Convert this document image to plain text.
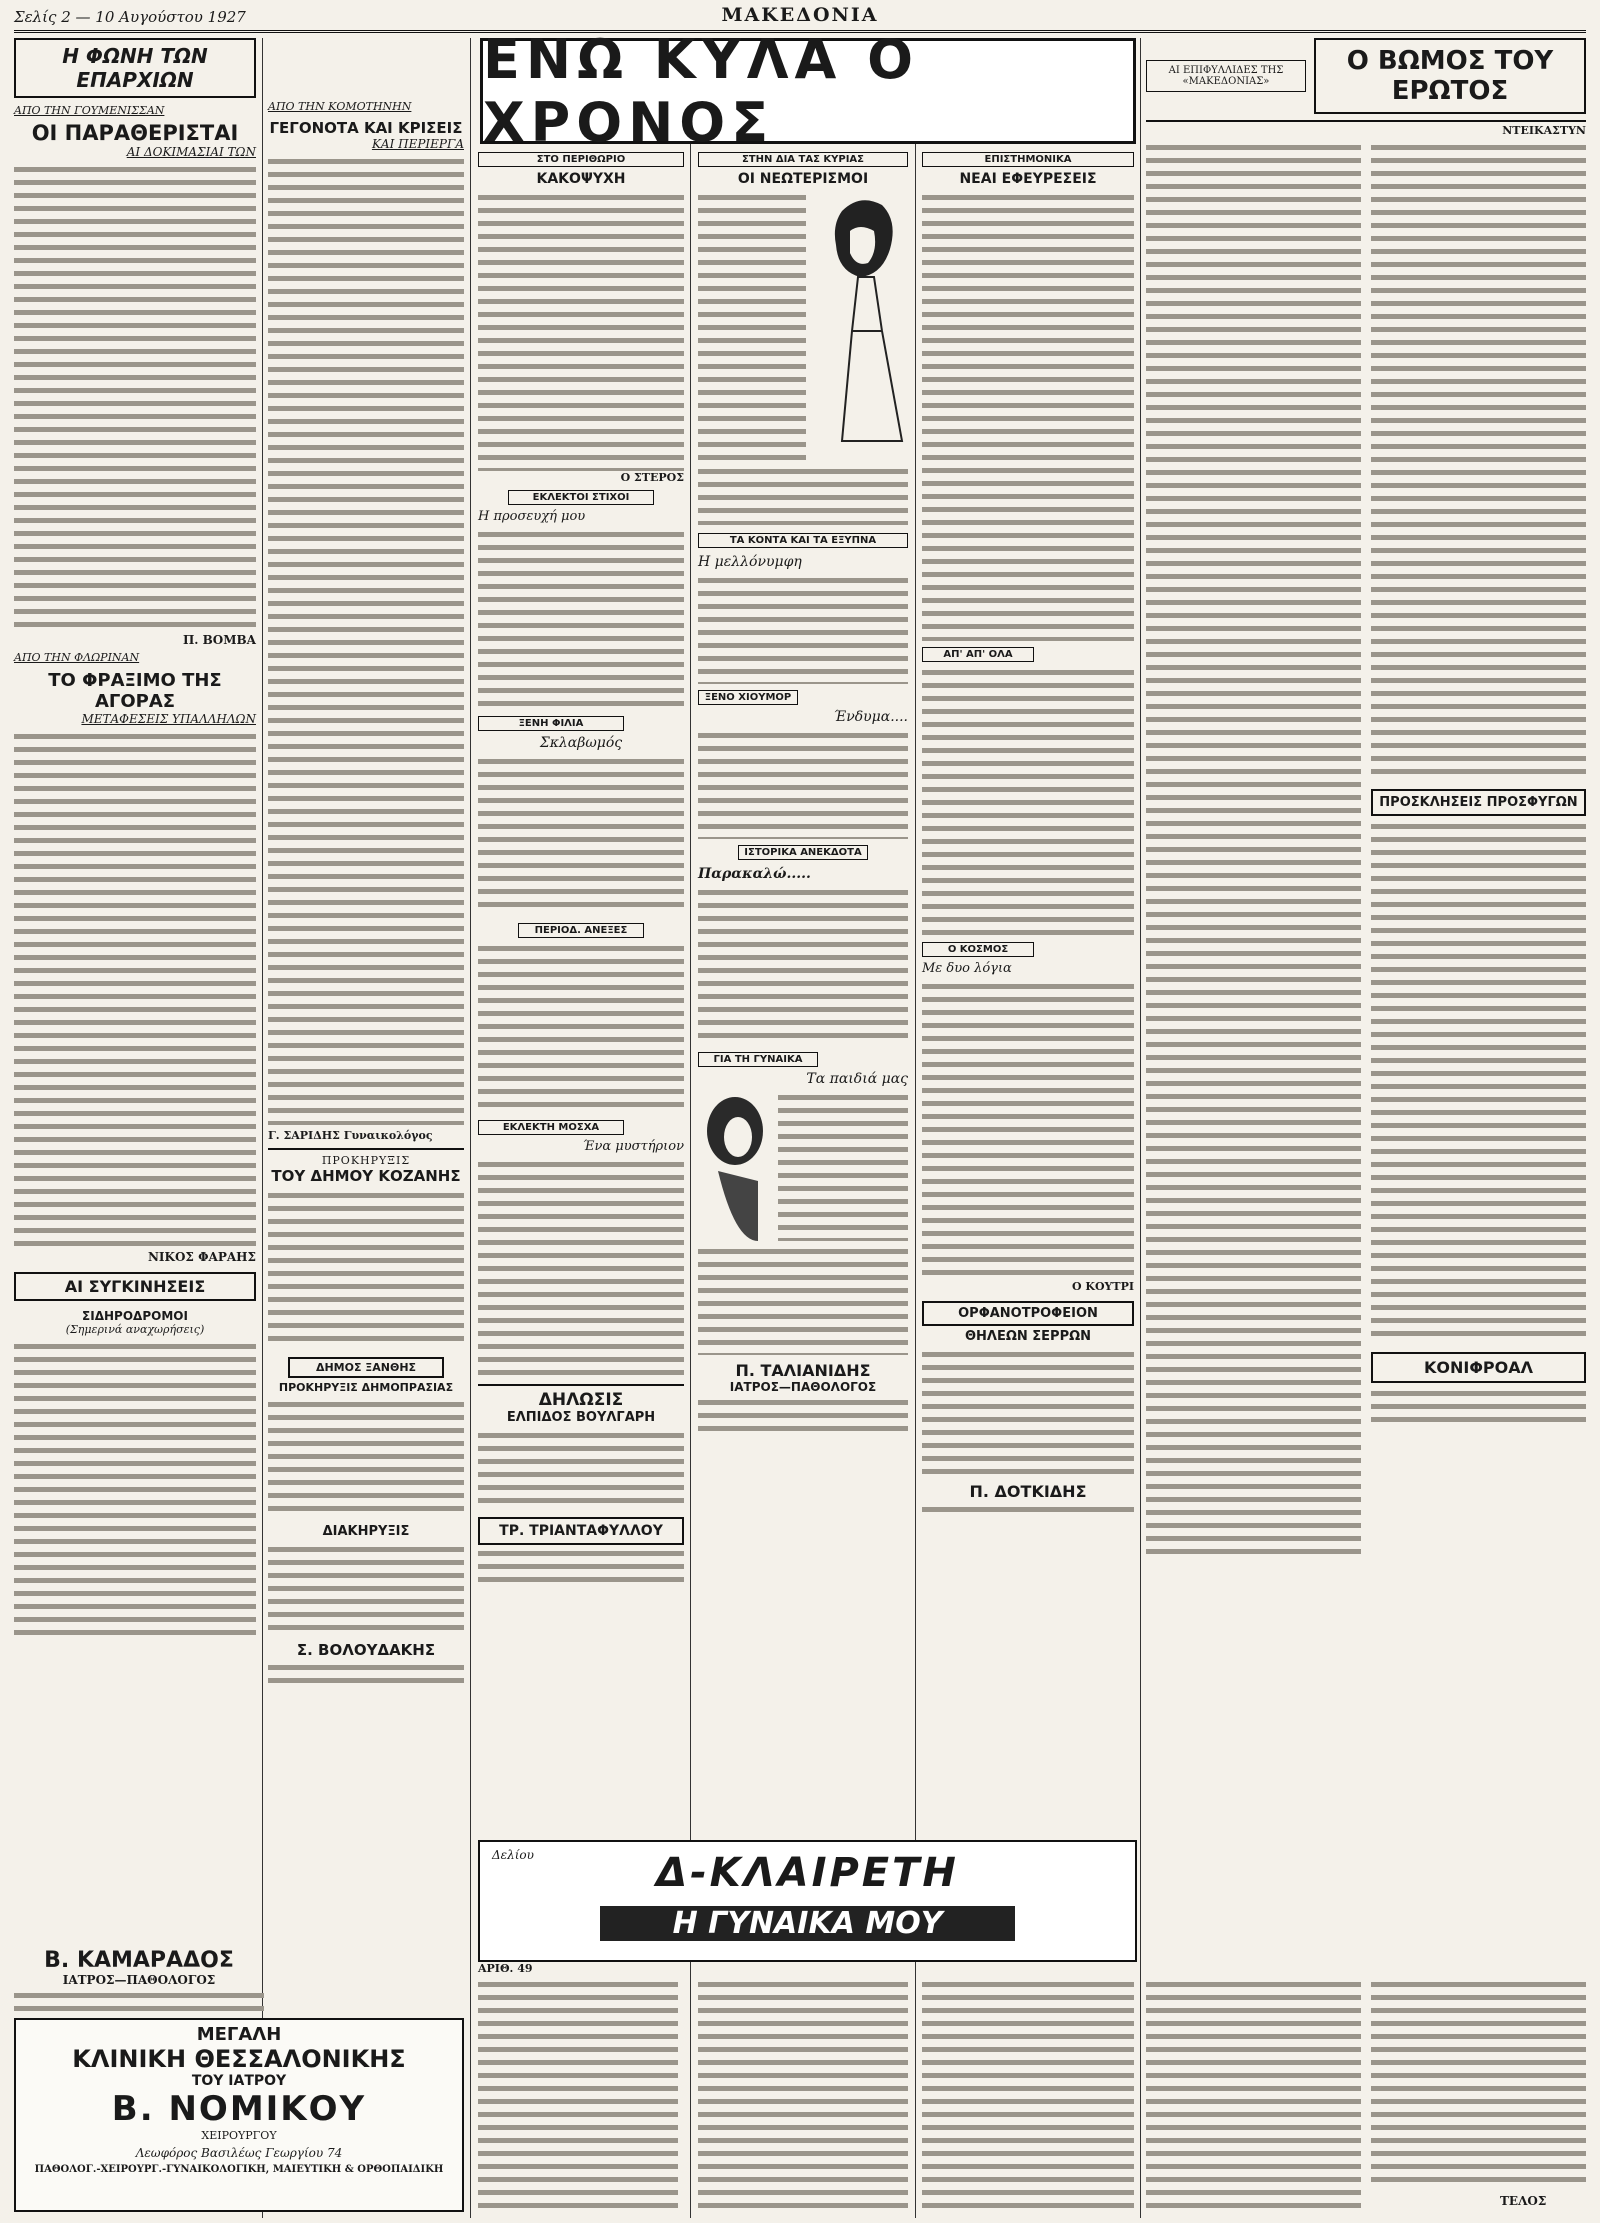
Σελίς 2 — 10 Αυγούστου 1927	ΜΑΚΕΔΟΝΙΑ
Η ΦΩΝΗ ΤΩΝ ΕΠΑΡΧΙΩΝ
ΑΠΟ ΤΗΝ ΓΟΥΜΕΝΙΣΣΑΝ
ΟΙ ΠΑΡΑΘΕΡΙΣΤΑΙ
ΑΙ ΔΟΚΙΜΑΣΙΑΙ ΤΩΝ
Π. ΒΟΜΒΑ
ΑΠΟ ΤΗΝ ΦΛΩΡΙΝΑΝ
ΤΟ ΦΡΑΞΙΜΟ ΤΗΣ ΑΓΟΡΑΣ
ΜΕΤΑΦΕΣΕΙΣ ΥΠΑΛΛΗΛΩΝ
ΝΙΚΟΣ ΦΑΡΑΗΣ
ΑΙ ΣΥΓΚΙΝΗΣΕΙΣ
ΣΙΔΗΡΟΔΡΟΜΟΙ
(Σημερινά αναχωρήσεις)
ΑΠΟ ΤΗΝ ΚΟΜΟΤΗΝΗΝ
ΓΕΓΟΝΟΤΑ ΚΑΙ ΚΡΙΣΕΙΣ
ΚΑΙ ΠΕΡΙΕΡΓΑ
Γ. ΣΑΡΙΔΗΣ Γυναικολόγος
ΠΡΟΚΗΡΥΞΙΣ
ΤΟΥ ΔΗΜΟΥ ΚΟΖΑΝΗΣ
ΔΗΜΟΣ ΞΑΝΘΗΣ
ΠΡΟΚΗΡΥΞΙΣ ΔΗΜΟΠΡΑΣΙΑΣ
ΔΙΑΚΗΡΥΞΙΣ
Σ. ΒΟΛΟΥΔΑΚΗΣ
Β. ΚΑΜΑΡΑΔΟΣ
ΙΑΤΡΟΣ—ΠΑΘΟΛΟΓΟΣ
ΜΕΓΑΛΗ
ΚΛΙΝΙΚΗ ΘΕΣΣΑΛΟΝΙΚΗΣ
ΤΟΥ ΙΑΤΡΟΥ
Β. ΝΟΜΙΚΟΥ
ΧΕΙΡΟΥΡΓΟΥ
Λεωφόρος Βασιλέως Γεωργίου 74
ΠΑΘΟΛΟΓ.-ΧΕΙΡΟΥΡΓ.-ΓΥΝΑΙΚΟΛΟΓΙΚΗ, ΜΑΙΕΥΤΙΚΗ & ΟΡΘΟΠΑΙΔΙΚΗ
ΕΝΩ ΚΥΛΑ Ο ΧΡΟΝΟΣ
ΣΤΟ ΠΕΡΙΘΩΡΙΟ
ΚΑΚΟΨΥΧΗ
Ο ΣΤΕΡΟΣ
ΕΚΛΕΚΤΟΙ ΣΤΙΧΟΙ
Η προσευχή μου
ΞΕΝΗ ΦΙΛΙΑ
Σκλαβωμός
ΠΕΡΙΟΔ. ΑΝΕΞΕΣ
ΕΚΛΕΚΤΗ ΜΟΣΧΑ
Ένα μυστήριον
ΔΗΛΩΣΙΣ
ΕΛΠΙΔΟΣ ΒΟΥΛΓΑΡΗ
ΤΡ. ΤΡΙΑΝΤΑΦΥΛΛΟΥ
ΣΤΗΝ ΔΙΑ ΤΑΣ ΚΥΡΙΑΣ
ΟΙ ΝΕΩΤΕΡΙΣΜΟΙ
ΤΑ ΚΟΝΤΑ ΚΑΙ ΤΑ ΕΞΥΠΝΑ
Η μελλόνυμφη
ΞΕΝΟ ΧΙΟΥΜΟΡ
Ένδυμα....
ΙΣΤΟΡΙΚΑ ΑΝΕΚΔΟΤΑ
Παρακαλώ.....
ΓΙΑ ΤΗ ΓΥΝΑΙΚΑ
Τα παιδιά μας
Π. ΤΑΛΙΑΝΙΔΗΣ
ΙΑΤΡΟΣ—ΠΑΘΟΛΟΓΟΣ
ΕΠΙΣΤΗΜΟΝΙΚΑ
ΝΕΑΙ ΕΦΕΥΡΕΣΕΙΣ
ΑΠ' ΑΠ' ΟΛΑ
Ο ΚΟΣΜΟΣ
Με δυο λόγια
Ο ΚΟΥΤΡΙ
ΟΡΦΑΝΟΤΡΟΦΕΙΟΝ
ΘΗΛΕΩΝ ΣΕΡΡΩΝ
Π. ΔΟΤΚΙΔΗΣ
ΑΙ ΕΠΙΦΥΛΛΙΔΕΣ ΤΗΣ «ΜΑΚΕΔΟΝΙΑΣ»
Ο ΒΩΜΟΣ ΤΟΥ ΕΡΩΤΟΣ
ΝΤΕΙΚΑΣΤΥΝ
ΠΡΟΣΚΛΗΣΕΙΣ ΠΡΟΣΦΥΓΩΝ
ΚΟΝΙΦΡΟΑΛ
Δελίου	Δ-ΚΛΑΙΡΕΤΗ
Η ΓΥΝΑΙΚΑ ΜΟΥ
ΑΡΙΘ. 49
ΤΕΛΟΣ
